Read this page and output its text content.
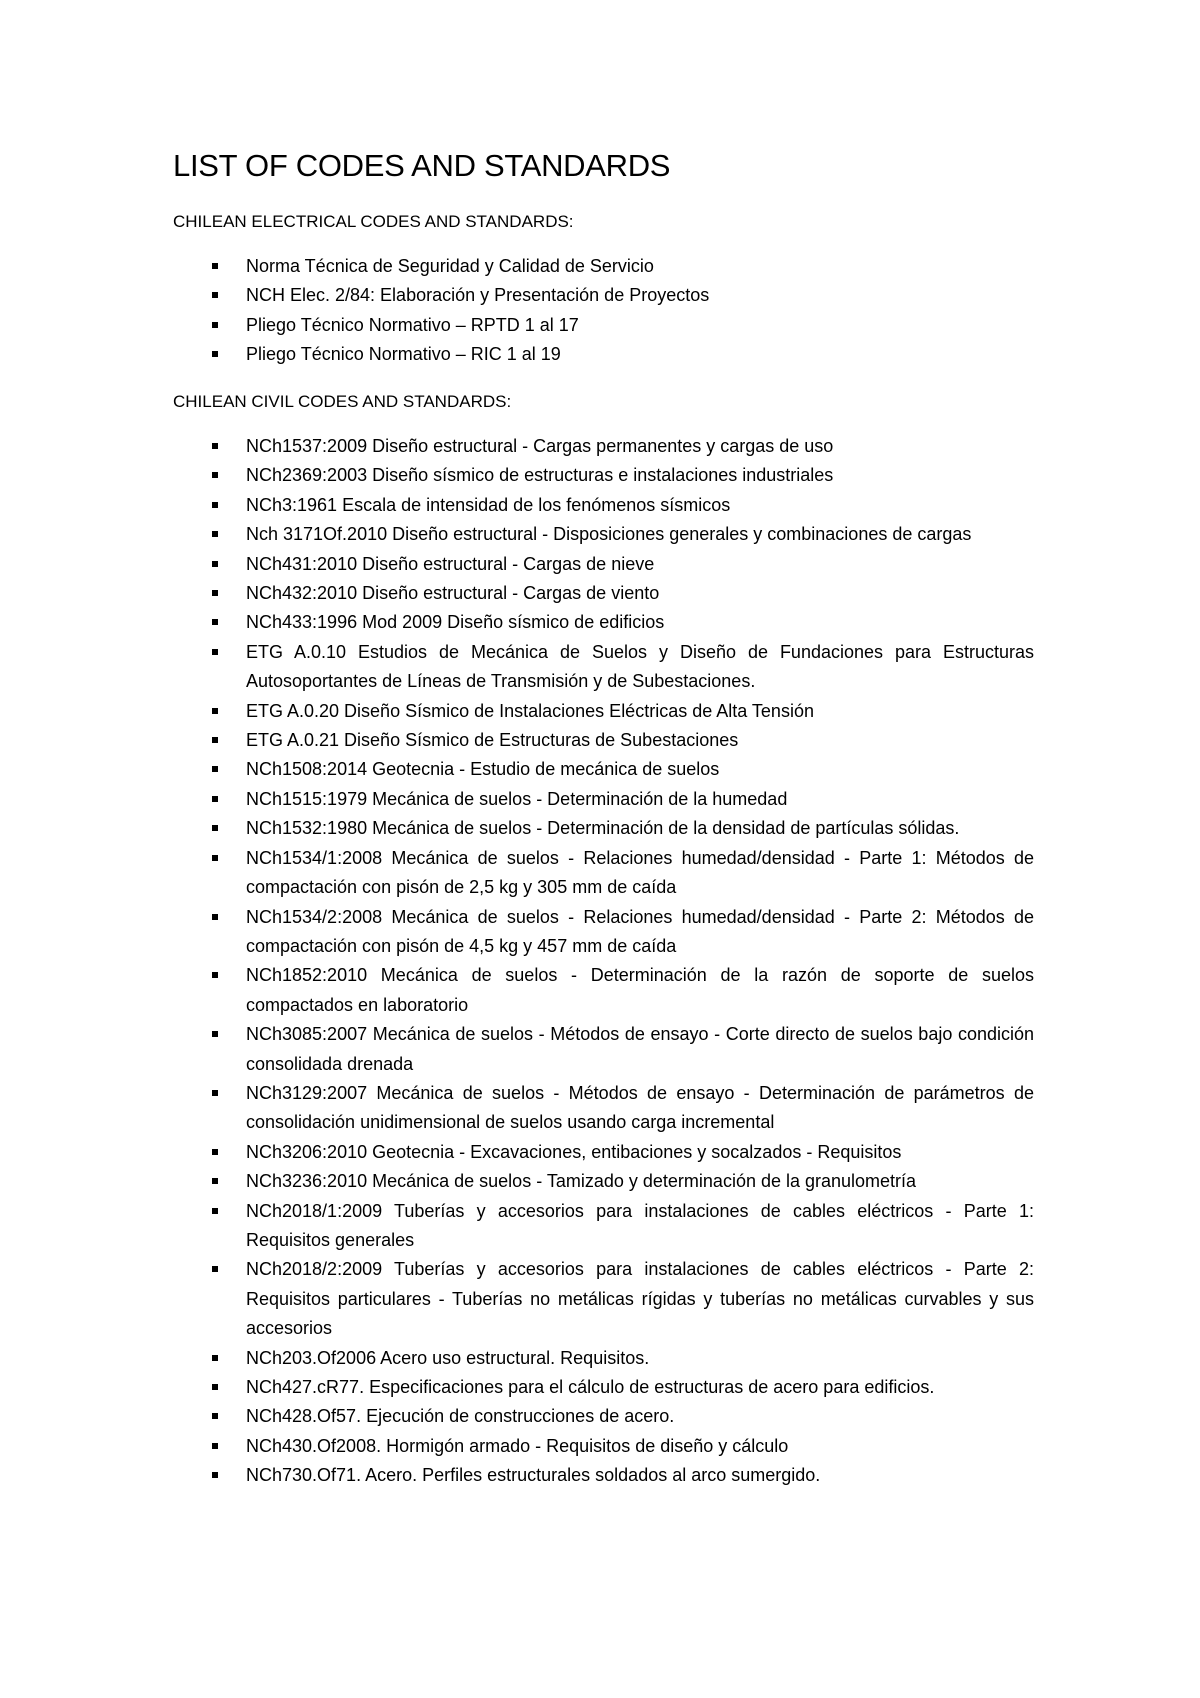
LIST OF CODES AND STANDARDS
CHILEAN ELECTRICAL CODES AND STANDARDS:
Norma Técnica de Seguridad y Calidad de Servicio
NCH Elec. 2/84: Elaboración y Presentación de Proyectos
Pliego Técnico Normativo – RPTD 1 al 17
Pliego Técnico Normativo – RIC 1 al 19
CHILEAN CIVIL CODES AND STANDARDS:
NCh1537:2009 Diseño estructural - Cargas permanentes y cargas de uso
NCh2369:2003 Diseño sísmico de estructuras e instalaciones industriales
NCh3:1961 Escala de intensidad de los fenómenos sísmicos
Nch 3171Of.2010 Diseño estructural - Disposiciones generales y combinaciones de cargas
NCh431:2010 Diseño estructural - Cargas de nieve
NCh432:2010 Diseño estructural - Cargas de viento
NCh433:1996 Mod 2009 Diseño sísmico de edificios
ETG A.0.10 Estudios de Mecánica de Suelos y Diseño de Fundaciones para Estructuras Autosoportantes de Líneas de Transmisión y de Subestaciones.
ETG A.0.20 Diseño Sísmico de Instalaciones Eléctricas de Alta Tensión
ETG A.0.21 Diseño Sísmico de Estructuras de Subestaciones
NCh1508:2014 Geotecnia - Estudio de mecánica de suelos
NCh1515:1979 Mecánica de suelos - Determinación de la humedad
NCh1532:1980 Mecánica de suelos - Determinación de la densidad de partículas sólidas.
NCh1534/1:2008 Mecánica de suelos - Relaciones humedad/densidad - Parte 1: Métodos de compactación con pisón de 2,5 kg y 305 mm de caída
NCh1534/2:2008 Mecánica de suelos - Relaciones humedad/densidad - Parte 2: Métodos de compactación con pisón de 4,5 kg y 457 mm de caída
NCh1852:2010 Mecánica de suelos - Determinación de la razón de soporte de suelos compactados en laboratorio
NCh3085:2007 Mecánica de suelos - Métodos de ensayo - Corte directo de suelos bajo condición consolidada drenada
NCh3129:2007 Mecánica de suelos - Métodos de ensayo - Determinación de parámetros de consolidación unidimensional de suelos usando carga incremental
NCh3206:2010 Geotecnia - Excavaciones, entibaciones y socalzados - Requisitos
NCh3236:2010 Mecánica de suelos - Tamizado y determinación de la granulometría
NCh2018/1:2009 Tuberías y accesorios para instalaciones de cables eléctricos - Parte 1: Requisitos generales
NCh2018/2:2009 Tuberías y accesorios para instalaciones de cables eléctricos - Parte 2: Requisitos particulares - Tuberías no metálicas rígidas y tuberías no metálicas curvables y sus accesorios
NCh203.Of2006 Acero uso estructural. Requisitos.
NCh427.cR77. Especificaciones para el cálculo de estructuras de acero para edificios.
NCh428.Of57. Ejecución de construcciones de acero.
NCh430.Of2008. Hormigón armado - Requisitos de diseño y cálculo
NCh730.Of71. Acero. Perfiles estructurales soldados al arco sumergido.
